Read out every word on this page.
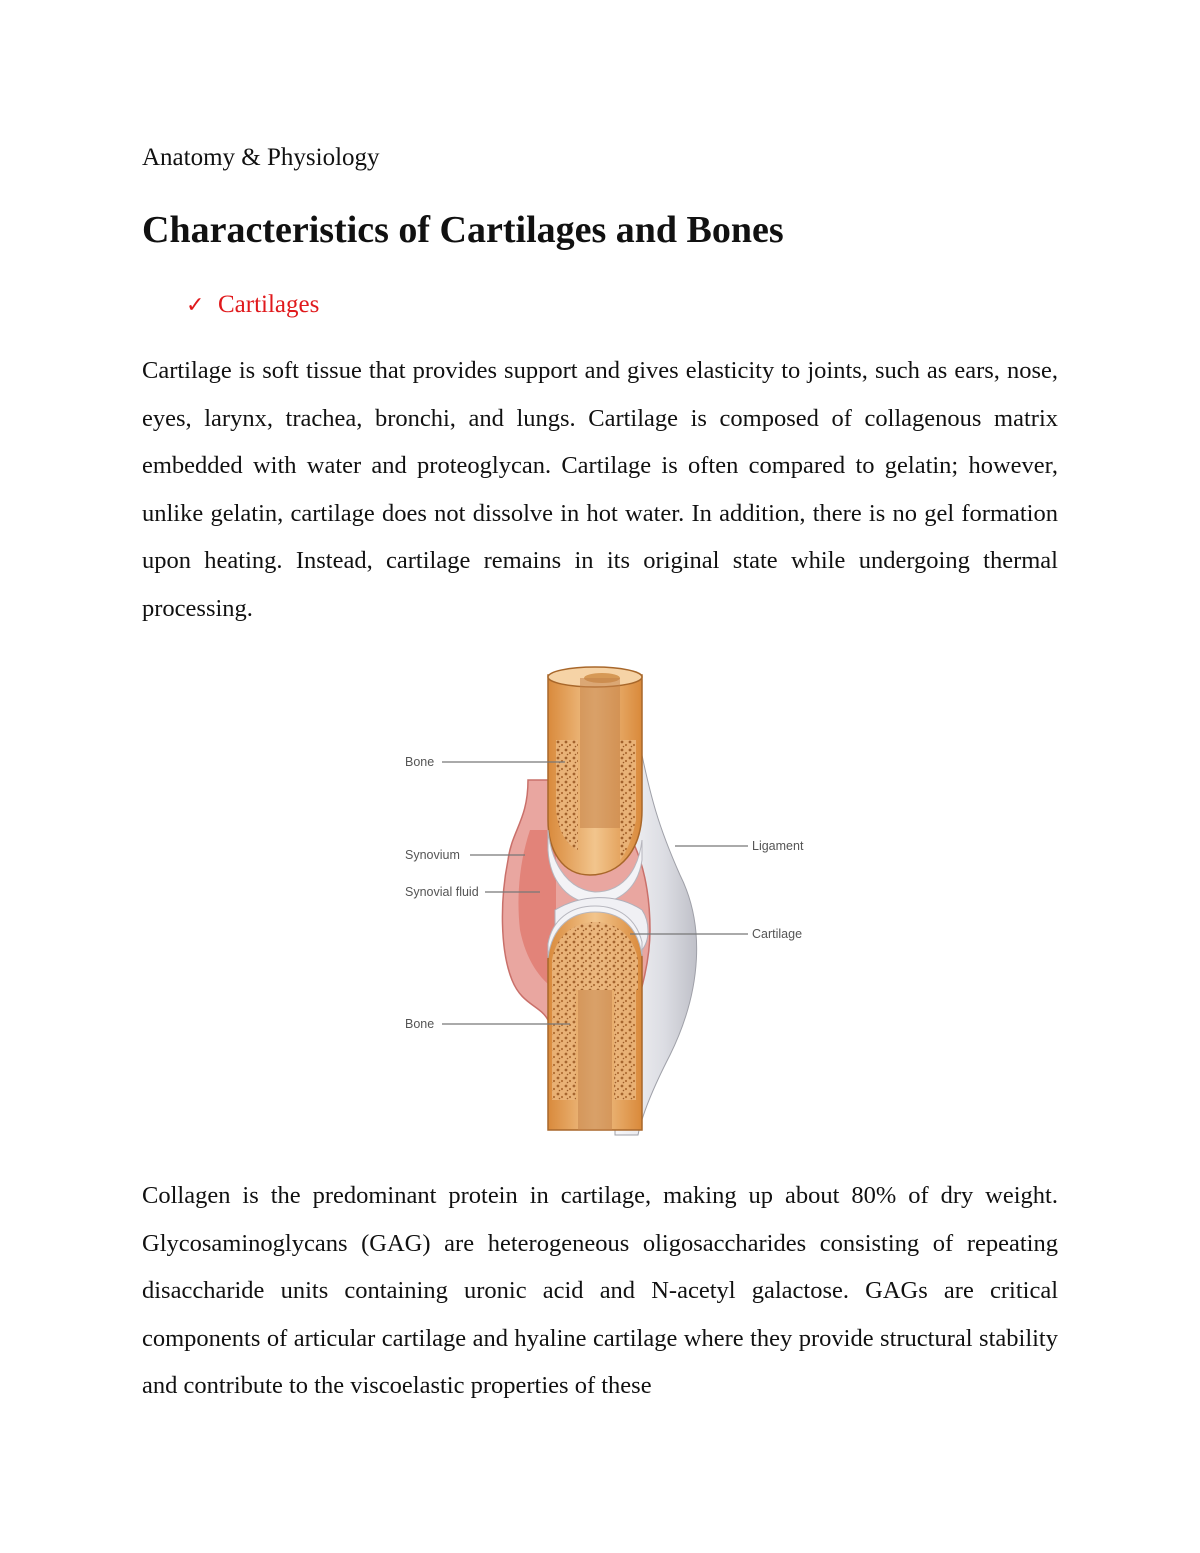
Anatomy & Physiology
Characteristics of Cartilages and Bones
✓ Cartilages

Cartilage is soft tissue that provides support and gives elasticity to joints, such as ears, nose, eyes, larynx, trachea, bronchi, and lungs. Cartilage is composed of collagenous matrix embedded with water and proteoglycan. Cartilage is often compared to gelatin; however, unlike gelatin, cartilage does not dissolve in hot water. In addition, there is no gel formation upon heating. Instead, cartilage remains in its original state while undergoing thermal processing.

Bone
Synovium
Synovial fluid
Ligament
Cartilage
Bone

Collagen is the predominant protein in cartilage, making up about 80% of dry weight. Glycosaminoglycans (GAG) are heterogeneous oligosaccharides consisting of repeating disaccharide units containing uronic acid and N-acetyl galactose. GAGs are critical components of articular cartilage and hyaline cartilage where they provide structural stability and contribute to the viscoelastic properties of these
